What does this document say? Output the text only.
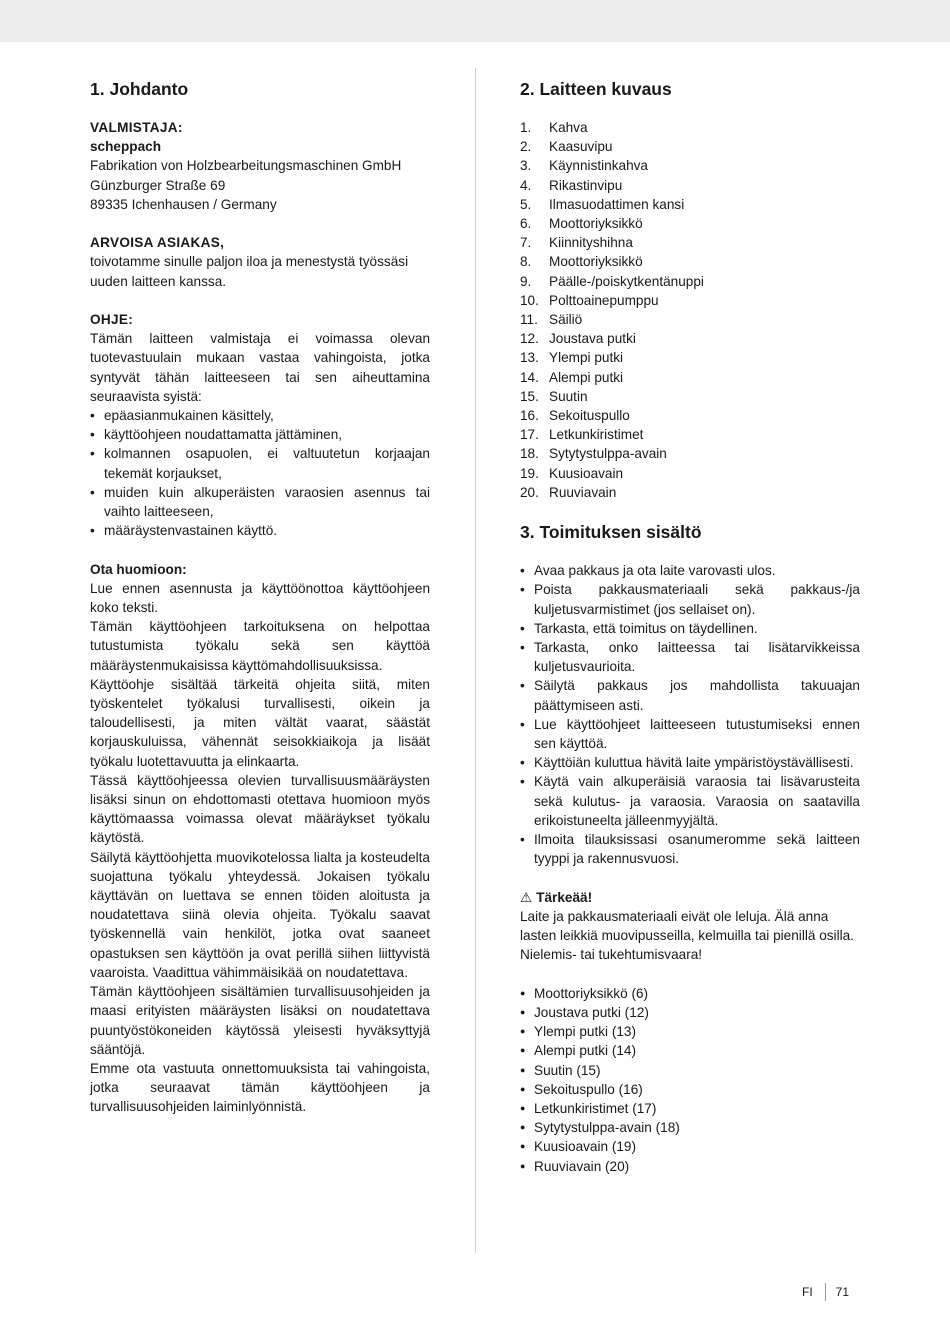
1. Johdanto
VALMISTAJA:
scheppach
Fabrikation von Holzbearbeitungsmaschinen GmbH
Günzburger Straße 69
89335 Ichenhausen / Germany
ARVOISA ASIAKAS,
toivotamme sinulle paljon iloa ja menestystä työssäsi uuden laitteen kanssa.
OHJE:
Tämän laitteen valmistaja ei voimassa olevan tuotevastuulain mukaan vastaa vahingoista, jotka syntyvät tähän laitteeseen tai sen aiheuttamina seuraavista syistä:
• epäasianmukainen käsittely,
• käyttöohjeen noudattamatta jättäminen,
• kolmannen osapuolen, ei valtuutetun korjaajan tekemät korjaukset,
• muiden kuin alkuperäisten varaosien asennus tai vaihto laitteeseen,
• määräystenvastainen käyttö.
Ota huomioon:

Lue ennen asennusta ja käyttöönottoa käyttöohjeen koko teksti.

Tämän käyttöohjeen tarkoituksena on helpottaa tutustumista työkalu sekä sen käyttöä määräystenmukaisissa käyttömahdollisuuksissa.

Käyttöohje sisältää tärkeitä ohjeita siitä, miten työskentelet työkalusi turvallisesti, oikein ja taloudellisesti, ja miten vältät vaarat, säästät korjauskuluissa, vähennät seisokkiaikoja ja lisäät työkalu luotettavuutta ja elinkaarta.

Tässä käyttöohjeessa olevien turvallisuusmääräysten lisäksi sinun on ehdottomasti otettava huomioon myös käyttömaassa voimassa olevat määräykset työkalu käytöstä.

Säilytä käyttöohjetta muovikotelossa lialta ja kosteudelta suojattuna työkalu yhteydessä. Jokaisen työkalu käyttävän on luettava se ennen töiden aloitusta ja noudatettava siinä olevia ohjeita. Työkalu saavat työskennellä vain henkilöt, jotka ovat saaneet opastuksen sen käyttöön ja ovat perillä siihen liittyvistä vaaroista. Vaadittua vähimmäisikää on noudatettava.

Tämän käyttöohjeen sisältämien turvallisuusohjeiden ja maasi erityisten määräysten lisäksi on noudatettava puuntyöstökoneiden käytössä yleisesti hyväksyttyjä sääntöjä.

Emme ota vastuuta onnettomuuksista tai vahingoista, jotka seuraavat tämän käyttöohjeen ja turvallisuusohjeiden laiminlyönnistä.

2. Laitteen kuvaus
1.	Kahva
2.	Kaasuvipu
3.	Käynnistinkahva
4.	Rikastinvipu
5.	Ilmasuodattimen kansi
6.	Moottoriyksikkö
7.	Kiinnityshihna
8.	Moottoriyksikkö
9.	Päälle-/poiskytkentänuppi
10. Polttoainepumppu
11. Säiliö
12. Joustava putki
13. Ylempi putki
14. Alempi putki
15. Suutin
16. Sekoituspullo
17. Letkunkiristimet
18. Sytytystulppa-avain
19. Kuusioavain
20. Ruuviavain
3. Toimituksen sisältö
• Avaa pakkaus ja ota laite varovasti ulos.
• Poista pakkausmateriaali sekä pakkaus-/ja kuljetusvarmistimet (jos sellaiset on).
• Tarkasta, että toimitus on täydellinen.
• Tarkasta, onko laitteessa tai lisätarvikkeissa kuljetusvaurioita.
• Säilytä pakkaus jos mahdollista takuuajan päättymiseen asti.
• Lue käyttöohjeet laitteeseen tutustumiseksi ennen sen käyttöä.
• Käyttöiän kuluttua hävitä laite ympäristöystävällisesti.
• Käytä vain alkuperäisiä varaosia tai lisävarusteita sekä kulutus- ja varaosia. Varaosia on saatavilla erikoistuneelta jälleenmyyjältä.
• Ilmoita tilauksissasi osanumeromme sekä laitteen tyyppi ja rakennusvuosi.
⚠ Tärkeää!
Laite ja pakkausmateriaali eivät ole leluja. Älä anna lasten leikkiä muovipusseilla, kelmuilla tai pienillä osilla. Nielemis- tai tukehtumisvaara!
● Moottoriyksikkö (6)
● Joustava putki (12)
● Ylempi putki (13)
● Alempi putki (14)
● Suutin (15)
● Sekoituspullo (16)
● Letkunkiristimet (17)
● Sytytystulppa-avain (18)
● Kuusioavain (19)
● Ruuviavain (20)
FI	71
